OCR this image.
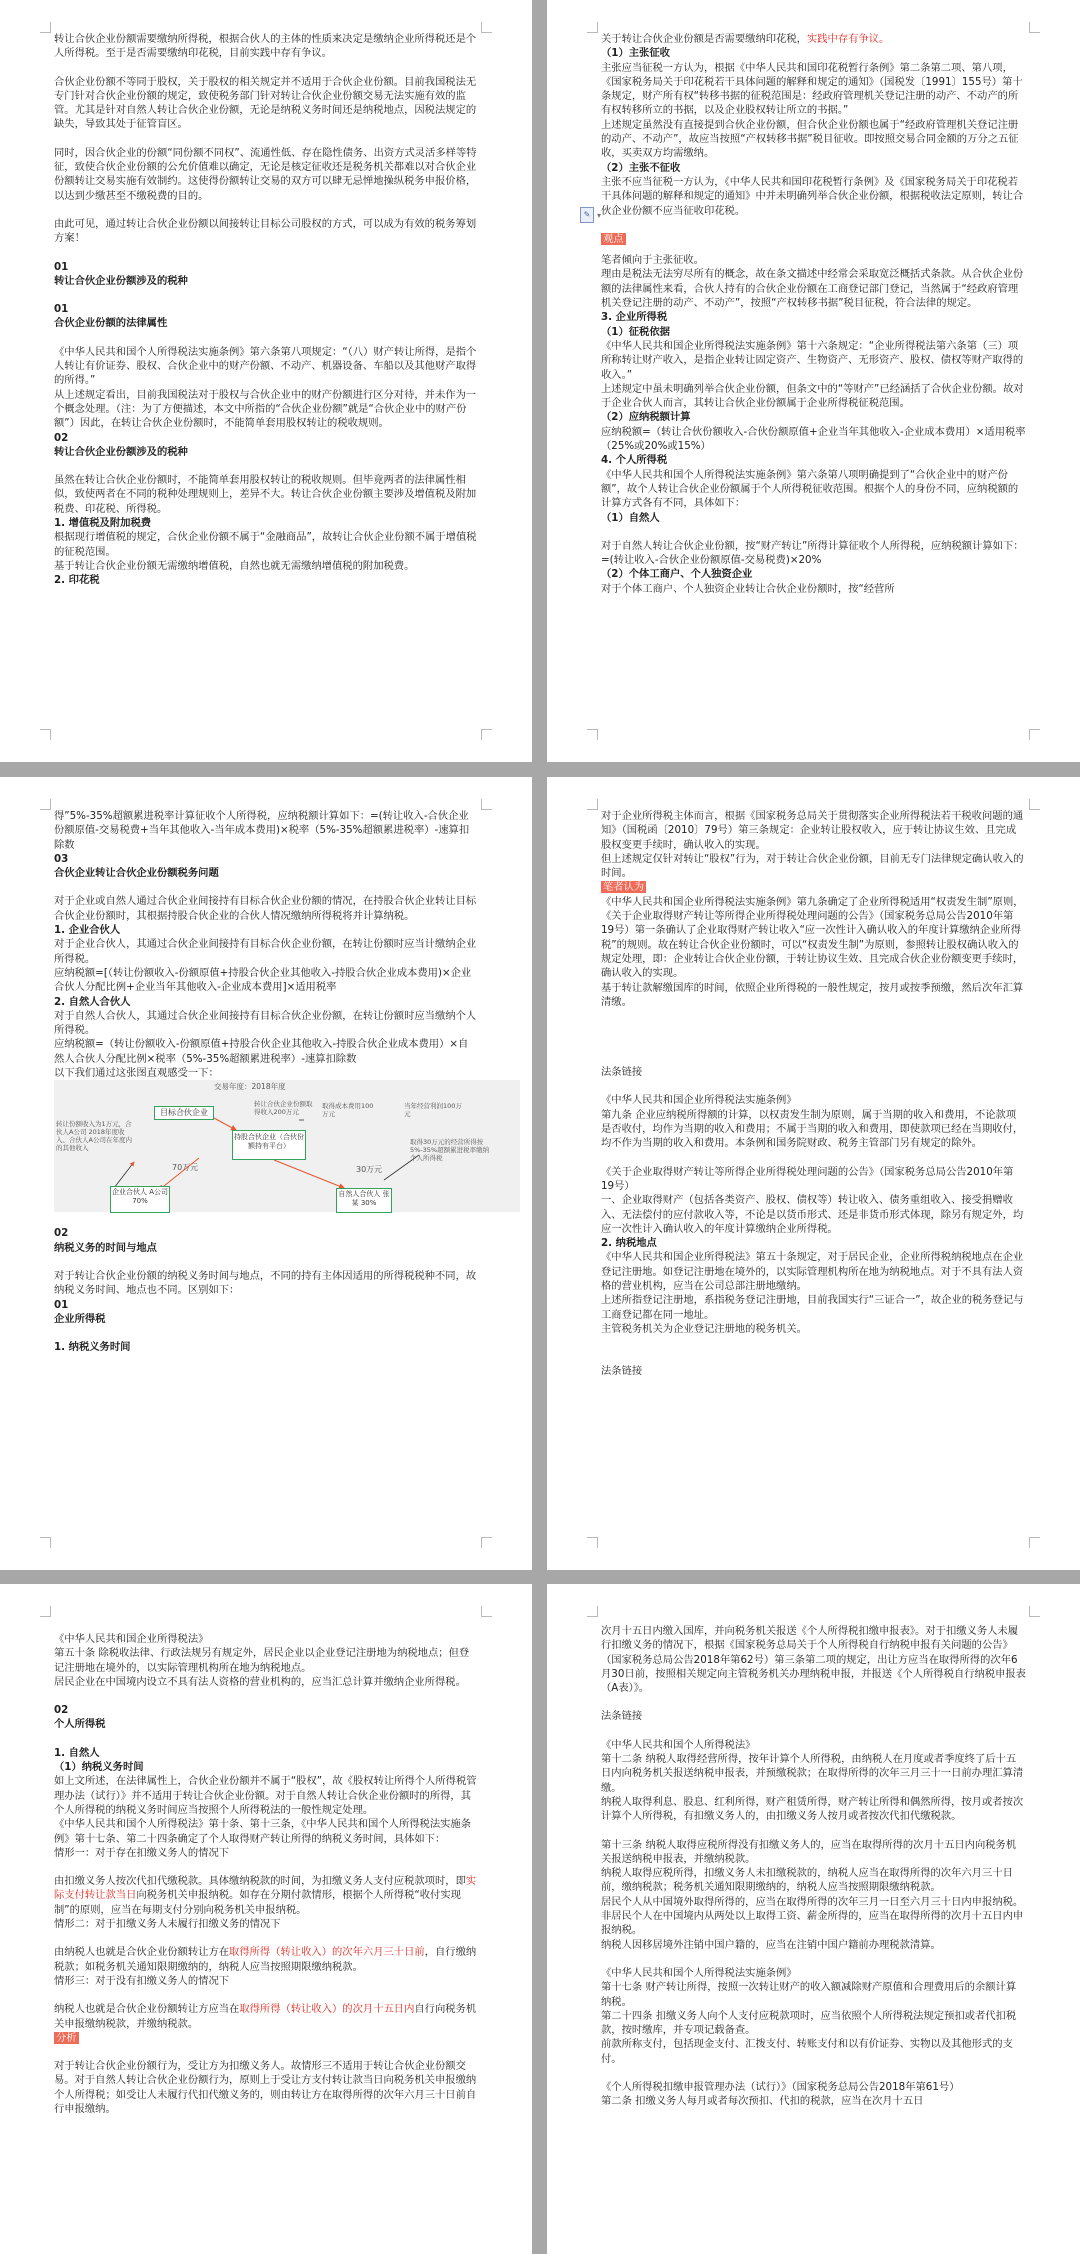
转让合伙企业份额需要缴纳所得税，根据合伙人的主体的性质来决定是缴纳企业所得税还是个人所得税。至于是否需要缴纳印花税，目前实践中存有争议。
合伙企业份额不等同于股权，关于股权的相关规定并不适用于合伙企业份额。目前我国税法无专门针对合伙企业份额的规定，致使税务部门针对转让合伙企业份额交易无法实施有效的监管。尤其是针对自然人转让合伙企业份额，无论是纳税义务时间还是纳税地点，因税法规定的缺失，导致其处于征管盲区。
同时，因合伙企业的份额“同份额不同权”、流通性低、存在隐性债务、出资方式灵活多样等特征，致使合伙企业份额的公允价值难以确定，无论是核定征收还是税务机关都难以对合伙企业份额转让交易实施有效制约。这使得份额转让交易的双方可以肆无忌惮地操纵税务申报价格，以达到少缴甚至不缴税费的目的。
由此可见，通过转让合伙企业份额以间接转让目标公司股权的方式，可以成为有效的税务筹划方案！
01
转让合伙企业份额涉及的税种
01
合伙企业份额的法律属性
《中华人民共和国个人所得税法实施条例》第六条第八项规定：“（八）财产转让所得，是指个人转让有价证券、股权、合伙企业中的财产份额、不动产、机器设备、车船以及其他财产取得的所得。”
从上述规定看出，目前我国税法对于股权与合伙企业中的财产份额进行区分对待，并未作为一个概念处理。（注：为了方便描述，本文中所指的“合伙企业份额”就是“合伙企业中的财产份额”）因此，在转让合伙企业份额时，不能简单套用股权转让的税收规则。
02
转让合伙企业份额涉及的税种
虽然在转让合伙企业份额时，不能简单套用股权转让的税收规则。但毕竟两者的法律属性相似，致使两者在不同的税种处理规则上，差异不大。转让合伙企业份额主要涉及增值税及附加税费、印花税、所得税。
1. 增值税及附加税费
根据现行增值税的规定，合伙企业份额不属于“金融商品”，故转让合伙企业份额不属于增值税的征税范围。
基于转让合伙企业份额无需缴纳增值税，自然也就无需缴纳增值税的附加税费。
2. 印花税
关于转让合伙企业份额是否需要缴纳印花税，实践中存有争议。
（1）主张征收
主张应当征税一方认为，根据《中华人民共和国印花税暂行条例》第二条第二项、第八项，《国家税务局关于印花税若干具体问题的解释和规定的通知》（国税发〔1991〕155号）第十条规定，财产所有权“转移书据的征税范围是：经政府管理机关登记注册的动产、不动产的所有权转移所立的书据，以及企业股权转让所立的书据。”
上述规定虽然没有直接提到合伙企业份额，但合伙企业份额也属于“经政府管理机关登记注册的动产、不动产”，故应当按照“产权转移书据”税目征收。即按照交易合同金额的万分之五征收，买卖双方均需缴纳。
（2）主张不征收
主张不应当征税一方认为，《中华人民共和国印花税暂行条例》及《国家税务局关于印花税若干具体问题的解释和规定的通知》中并未明确列举合伙企业份额，根据税收法定原则，转让合伙企业份额不应当征收印花税。
观点
笔者倾向于主张征收。
理由是税法无法穷尽所有的概念，故在条文描述中经常会采取宽泛概括式条款。从合伙企业份额的法律属性来看，合伙人持有的合伙企业份额在工商登记部门登记，当然属于“经政府管理机关登记注册的动产、不动产”，按照“产权转移书据”税目征税，符合法律的规定。
3. 企业所得税
（1）征税依据
《中华人民共和国企业所得税法实施条例》第十六条规定：“企业所得税法第六条第（三）项所称转让财产收入，是指企业转让固定资产、生物资产、无形资产、股权、债权等财产取得的收入。”
上述规定中虽未明确列举合伙企业份额，但条文中的“等财产”已经涵括了合伙企业份额。故对于企业合伙人而言，其转让合伙企业份额属于企业所得税征税范围。
（2）应纳税额计算
应纳税额=（转让合伙份额收入-合伙份额原值+企业当年其他收入-企业成本费用）×适用税率（25%或20%或15%）
4. 个人所得税
《中华人民共和国个人所得税法实施条例》第六条第八项明确提到了“合伙企业中的财产份额”，故个人转让合伙企业份额属于个人所得税征收范围。根据个人的身份不同，应纳税额的计算方式各有不同，具体如下：
（1）自然人
对于自然人转让合伙企业份额，按“财产转让”所得计算征收个人所得税，应纳税额计算如下：=(转让收入-合伙企业份额原值-交易税费)×20%
（2）个体工商户、个人独资企业
对于个体工商户、个人独资企业转让合伙企业份额时，按“经营所
✎ ▾
得”5%-35%超额累进税率计算征收个人所得税，应纳税额计算如下：=(转让收入-合伙企业份额原值-交易税费+当年其他收入-当年成本费用)×税率（5%-35%超额累进税率）-速算扣除数
03
合伙企业转让合伙企业份额税务问题
对于企业或自然人通过合伙企业间接持有目标合伙企业份额的情况，在持股合伙企业转让目标合伙企业份额时，其根据持股合伙企业的合伙人情况缴纳所得税将并计算纳税。
1. 企业合伙人
对于企业合伙人，其通过合伙企业间接持有目标合伙企业份额，在转让份额时应当计缴纳企业所得税。
应纳税额=[（转让份额收入-份额原值+持股合伙企业其他收入-持股合伙企业成本费用)×企业合伙人分配比例+企业当年其他收入-企业成本费用]×适用税率
2. 自然人合伙人
对于自然人合伙人，其通过合伙企业间接持有目标合伙企业份额，在转让份额时应当缴纳个人所得税。
应纳税额=（转让份额收入-份额原值+持股合伙企业其他收入-持股合伙企业成本费用）×自然人合伙人分配比例×税率（5%-35%超额累进税率）-速算扣除数
以下我们通过这张图直观感受一下：
交易年度：2018年度
目标合伙企业
持股合伙企业（合伙份额持有平台）
企业合伙人 A公司 70%
自然人合伙人 张某 30%
转让份额收入为1万元，合伙人A公司 2018年度收入、合伙人A公司在年度内的其他收入
转让合伙企业份额取得收入200万元
取得成本费用100万元
当年经营利润100万元
取得30万元的经营所得按5%-35%超额累进税率缴纳个人所得税
70万元	30万元
02
纳税义务的时间与地点
对于转让合伙企业份额的纳税义务时间与地点，不同的持有主体因适用的所得税税种不同，故纳税义务时间、地点也不同。区别如下：
01
企业所得税
1. 纳税义务时间
对于企业所得税主体而言，根据《国家税务总局关于贯彻落实企业所得税法若干税收问题的通知》（国税函〔2010〕79号）第三条规定：企业转让股权收入，应于转让协议生效、且完成股权变更手续时，确认收入的实现。
但上述规定仅针对转让“股权”行为，对于转让合伙企业份额，目前无专门法律规定确认收入的时间。
笔者认为
《中华人民共和国企业所得税法实施条例》第九条确定了企业所得税适用“权责发生制”原则，《关于企业取得财产转让等所得企业所得税处理问题的公告》（国家税务总局公告2010年第19号）第一条确认了企业取得财产转让收入“应一次性计入确认收入的年度计算缴纳企业所得税”的规则。故在转让合伙企业份额时，可以“权责发生制”为原则，参照转让股权确认收入的规定处理，即：企业转让合伙企业份额，于转让协议生效、且完成合伙企业份额变更手续时，确认收入的实现。
基于转让款解缴国库的时间，依照企业所得税的一般性规定，按月或按季预缴，然后次年汇算清缴。
法条链接
《中华人民共和国企业所得税法实施条例》
第九条 企业应纳税所得额的计算，以权责发生制为原则，属于当期的收入和费用，不论款项是否收付，均作为当期的收入和费用；不属于当期的收入和费用，即使款项已经在当期收付，均不作为当期的收入和费用。本条例和国务院财政、税务主管部门另有规定的除外。
《关于企业取得财产转让等所得企业所得税处理问题的公告》（国家税务总局公告2010年第19号）
一、企业取得财产（包括各类资产、股权、债权等）转让收入、债务重组收入、接受捐赠收入、无法偿付的应付款收入等，不论是以货币形式、还是非货币形式体现，除另有规定外，均应一次性计入确认收入的年度计算缴纳企业所得税。
2. 纳税地点
《中华人民共和国企业所得税法》第五十条规定，对于居民企业，企业所得税纳税地点在企业登记注册地。如登记注册地在境外的，以实际管理机构所在地为纳税地点。对于不具有法人资格的营业机构，应当在公司总部注册地缴纳。
上述所指登记注册地，系指税务登记注册地，目前我国实行“三证合一”，故企业的税务登记与工商登记都在同一地址。
主管税务机关为企业登记注册地的税务机关。
法条链接
《中华人民共和国企业所得税法》
第五十条 除税收法律、行政法规另有规定外，居民企业以企业登记注册地为纳税地点；但登记注册地在境外的，以实际管理机构所在地为纳税地点。
居民企业在中国境内设立不具有法人资格的营业机构的，应当汇总计算并缴纳企业所得税。
02
个人所得税
1. 自然人
（1）纳税义务时间
如上文所述，在法律属性上，合伙企业份额并不属于“股权”，故《股权转让所得个人所得税管理办法（试行）》并不适用于转让合伙企业份额。对于自然人转让合伙企业份额时的所得，其个人所得税的纳税义务时间应当按照个人所得税法的一般性规定处理。
《中华人民共和国个人所得税法》第十条、第十三条，《中华人民共和国个人所得税法实施条例》第十七条、第二十四条确定了个人取得财产转让所得的纳税义务时间，具体如下：
情形一：对于存在扣缴义务人的情况下
由扣缴义务人按次代扣代缴税款。具体缴纳税款的时间，为扣缴义务人支付应税款项时，即实际支付转让款当日向税务机关申报纳税。如存在分期付款情形，根据个人所得税“收付实现制”的原则，应当在每期支付分别向税务机关申报纳税。
情形二：对于扣缴义务人未履行扣缴义务的情况下
由纳税人也就是合伙企业份额转让方在取得所得（转让收入）的次年六月三十日前，自行缴纳税款；如税务机关通知限期缴纳的，纳税人应当按照期限缴纳税款。
情形三：对于没有扣缴义务人的情况下
纳税人也就是合伙企业份额转让方应当在取得所得（转让收入）的次月十五日内自行向税务机关申报缴纳税款，并缴纳税款。
分析
对于转让合伙企业份额行为，受让方为扣缴义务人。故情形三不适用于转让合伙企业份额交易。对于自然人转让合伙企业份额行为，原则上于受让方支付转让款当日向税务机关申报缴纳个人所得税；如受让人未履行代扣代缴义务的，则由转让方在取得所得的次年六月三十日前自行申报缴纳。
次月十五日内缴入国库，并向税务机关报送《个人所得税扣缴申报表》。对于扣缴义务人未履行扣缴义务的情况下，根据《国家税务总局关于个人所得税自行纳税申报有关问题的公告》（国家税务总局公告2018年第62号）第三条第二项的规定，出让方应当在取得所得的次年6月30日前，按照相关规定向主管税务机关办理纳税申报，并报送《个人所得税自行纳税申报表（A表）》。
法条链接
《中华人民共和国个人所得税法》
第十二条 纳税人取得经营所得，按年计算个人所得税，由纳税人在月度或者季度终了后十五日内向税务机关报送纳税申报表，并预缴税款；在取得所得的次年三月三十一日前办理汇算清缴。
纳税人取得利息、股息、红利所得，财产租赁所得，财产转让所得和偶然所得，按月或者按次计算个人所得税，有扣缴义务人的，由扣缴义务人按月或者按次代扣代缴税款。
第十三条 纳税人取得应税所得没有扣缴义务人的，应当在取得所得的次月十五日内向税务机关报送纳税申报表，并缴纳税款。
纳税人取得应税所得，扣缴义务人未扣缴税款的，纳税人应当在取得所得的次年六月三十日前，缴纳税款；税务机关通知限期缴纳的，纳税人应当按照期限缴纳税款。
居民个人从中国境外取得所得的，应当在取得所得的次年三月一日至六月三十日内申报纳税。
非居民个人在中国境内从两处以上取得工资、薪金所得的，应当在取得所得的次月十五日内申报纳税。
纳税人因移居境外注销中国户籍的，应当在注销中国户籍前办理税款清算。
《中华人民共和国个人所得税法实施条例》
第十七条 财产转让所得，按照一次转让财产的收入额减除财产原值和合理费用后的余额计算纳税。
第二十四条 扣缴义务人向个人支付应税款项时，应当依照个人所得税法规定预扣或者代扣税款，按时缴库，并专项记载备查。
前款所称支付，包括现金支付、汇拨支付、转账支付和以有价证券、实物以及其他形式的支付。
《个人所得税扣缴申报管理办法（试行）》（国家税务总局公告2018年第61号）
第二条 扣缴义务人每月或者每次预扣、代扣的税款，应当在次月十五日
